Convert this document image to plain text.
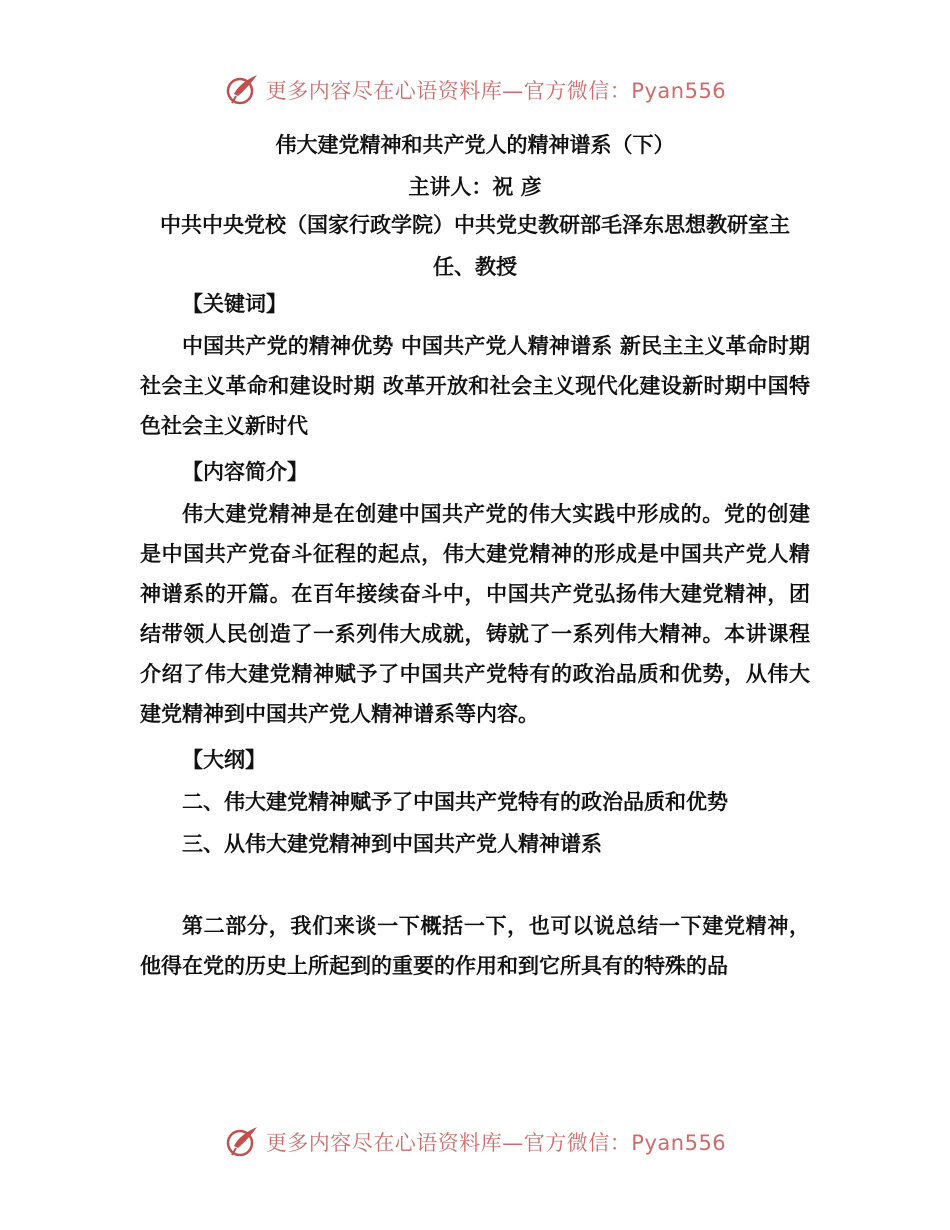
更多内容尽在心语资料库—官方微信：Pyan556
伟大建党精神和共产党人的精神谱系（下）
主讲人：祝 彦
中共中央党校（国家行政学院）中共党史教研部毛泽东思想教研室主任、教授
【关键词】
中国共产党的精神优势 中国共产党人精神谱系 新民主主义革命时期 社会主义革命和建设时期 改革开放和社会主义现代化建设新时期中国特色社会主义新时代
【内容简介】
伟大建党精神是在创建中国共产党的伟大实践中形成的。党的创建是中国共产党奋斗征程的起点，伟大建党精神的形成是中国共产党人精神谱系的开篇。在百年接续奋斗中，中国共产党弘扬伟大建党精神，团结带领人民创造了一系列伟大成就，铸就了一系列伟大精神。本讲课程介绍了伟大建党精神赋予了中国共产党特有的政治品质和优势，从伟大建党精神到中国共产党人精神谱系等内容。
【大纲】
二、伟大建党精神赋予了中国共产党特有的政治品质和优势
三、从伟大建党精神到中国共产党人精神谱系
第二部分，我们来谈一下概括一下，也可以说总结一下建党精神，他得在党的历史上所起到的重要的作用和到它所具有的特殊的品
更多内容尽在心语资料库—官方微信：Pyan556
